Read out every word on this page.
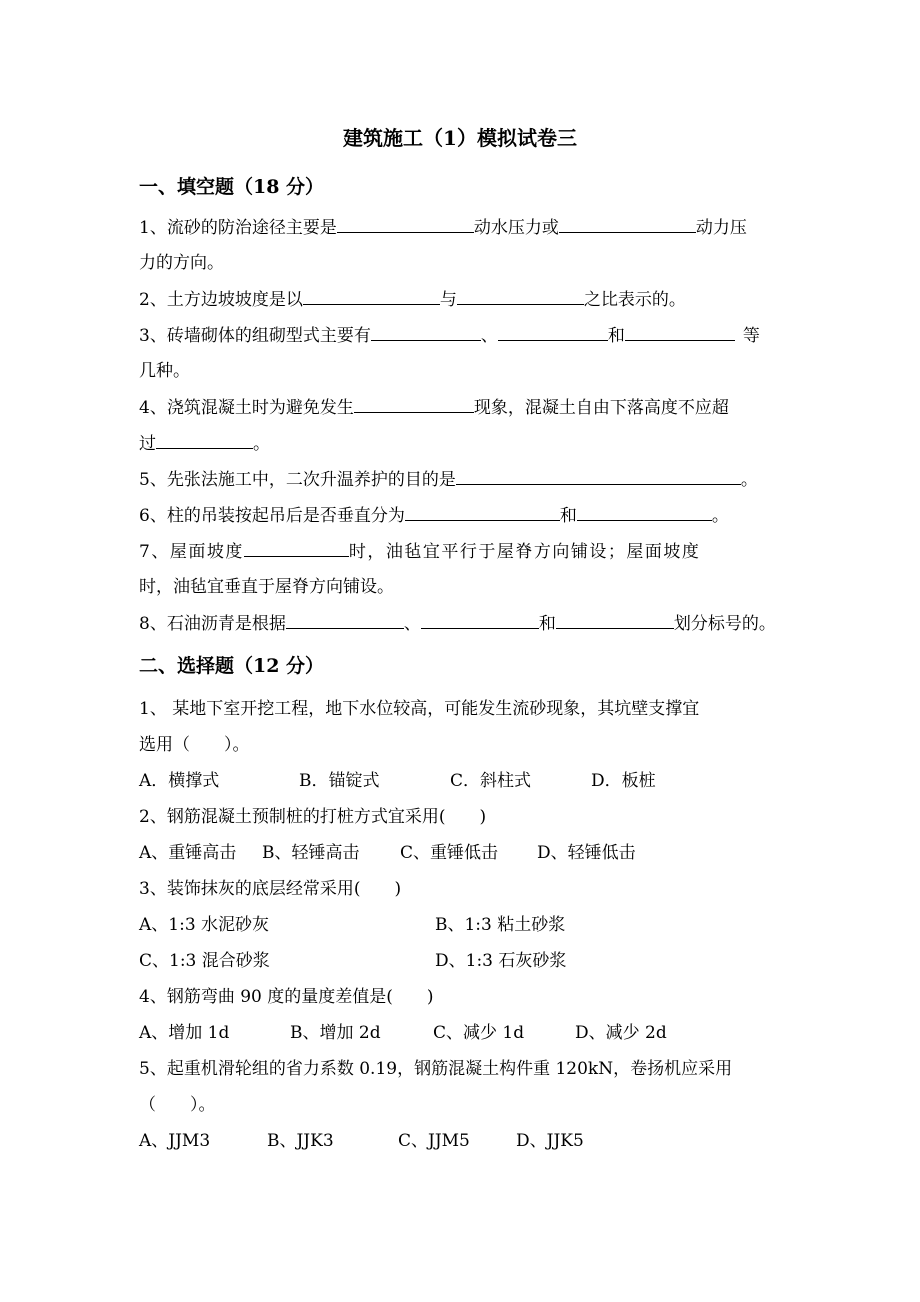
建筑施工（1）模拟试卷三
一、填空题（18 分）
1、流砂的防治途径主要是	动水压力或	动力压
力的方向。
2、土方边坡坡度是以	与	之比表示的。
3、砖墙砌体的组砌型式主要有	、	和	等
几种。
4、浇筑混凝土时为避免发生	现象，混凝土自由下落高度不应超
过	。
5、先张法施工中，二次升温养护的目的是	。
6、柱的吊装按起吊后是否垂直分为	和	。
7、屋面坡度	时，油毡宜平行于屋脊方向铺设；屋面坡度
时，油毡宜垂直于屋脊方向铺设。
8、石油沥青是根据	、	和	划分标号的。
二、选择题（12 分）
1、 某地下室开挖工程，地下水位较高，可能发生流砂现象，其坑壁支撑宜
选用（　　）。
A．横撑式	B．锚锭式	C．斜柱式	D．板桩
2、钢筋混凝土预制桩的打桩方式宜采用(　　)
A、重锤高击 B、轻锤高击 C、重锤低击 D、轻锤低击
3、装饰抹灰的底层经常采用(　　)
A、1:3 水泥砂灰	B、1:3 粘土砂浆
C、1:3 混合砂浆	D、1:3 石灰砂浆
4、钢筋弯曲 90 度的量度差值是(　　)
A、增加 1d	B、增加 2d	C、减少 1d	D、减少 2d
5、起重机滑轮组的省力系数 0.19，钢筋混凝土构件重 120kN，卷扬机应采用
（　　）。
A、JJM3	B、JJK3	C、JJM5	D、JJK5
